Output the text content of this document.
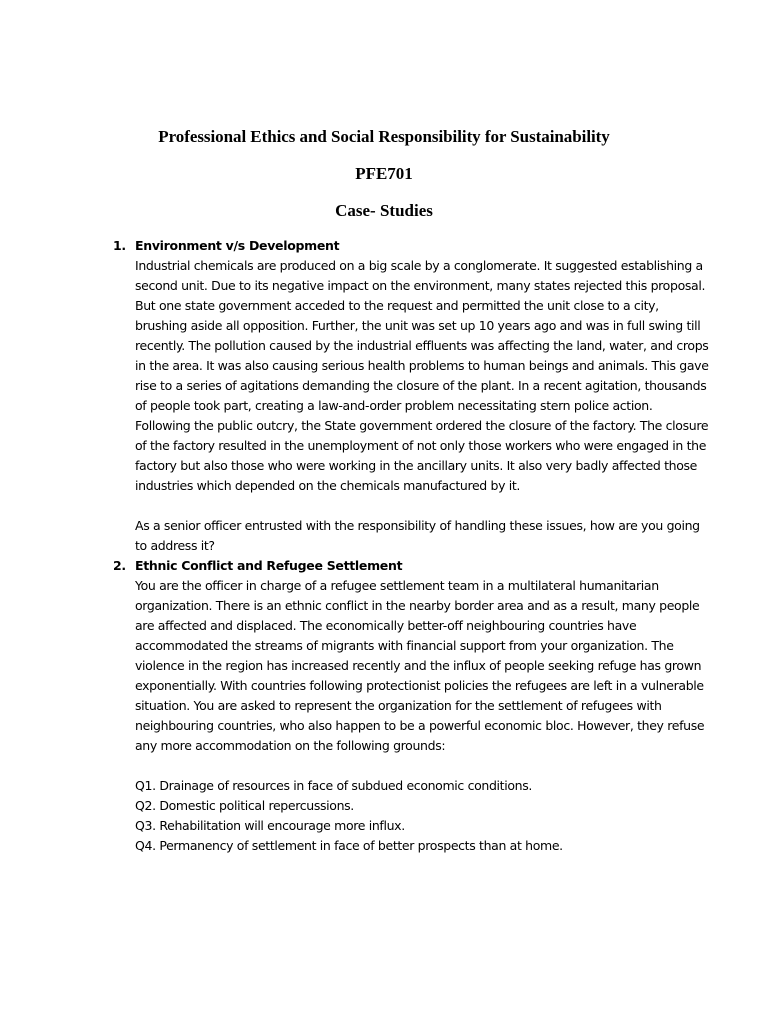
Professional Ethics and Social Responsibility for Sustainability
PFE701
Case- Studies
1. Environment v/s Development
Industrial chemicals are produced on a big scale by a conglomerate. It suggested establishing a
second unit. Due to its negative impact on the environment, many states rejected this proposal.
But one state government acceded to the request and permitted the unit close to a city,
brushing aside all opposition. Further, the unit was set up 10 years ago and was in full swing till
recently. The pollution caused by the industrial effluents was affecting the land, water, and crops
in the area. It was also causing serious health problems to human beings and animals. This gave
rise to a series of agitations demanding the closure of the plant. In a recent agitation, thousands
of people took part, creating a law-and-order problem necessitating stern police action.
Following the public outcry, the State government ordered the closure of the factory. The closure
of the factory resulted in the unemployment of not only those workers who were engaged in the
factory but also those who were working in the ancillary units. It also very badly affected those
industries which depended on the chemicals manufactured by it.
As a senior officer entrusted with the responsibility of handling these issues, how are you going
to address it?
2. Ethnic Conflict and Refugee Settlement
You are the officer in charge of a refugee settlement team in a multilateral humanitarian
organization. There is an ethnic conflict in the nearby border area and as a result, many people
are affected and displaced. The economically better-off neighbouring countries have
accommodated the streams of migrants with financial support from your organization. The
violence in the region has increased recently and the influx of people seeking refuge has grown
exponentially. With countries following protectionist policies the refugees are left in a vulnerable
situation. You are asked to represent the organization for the settlement of refugees with
neighbouring countries, who also happen to be a powerful economic bloc. However, they refuse
any more accommodation on the following grounds:
Q1. Drainage of resources in face of subdued economic conditions.
Q2. Domestic political repercussions.
Q3. Rehabilitation will encourage more influx.
Q4. Permanency of settlement in face of better prospects than at home.
